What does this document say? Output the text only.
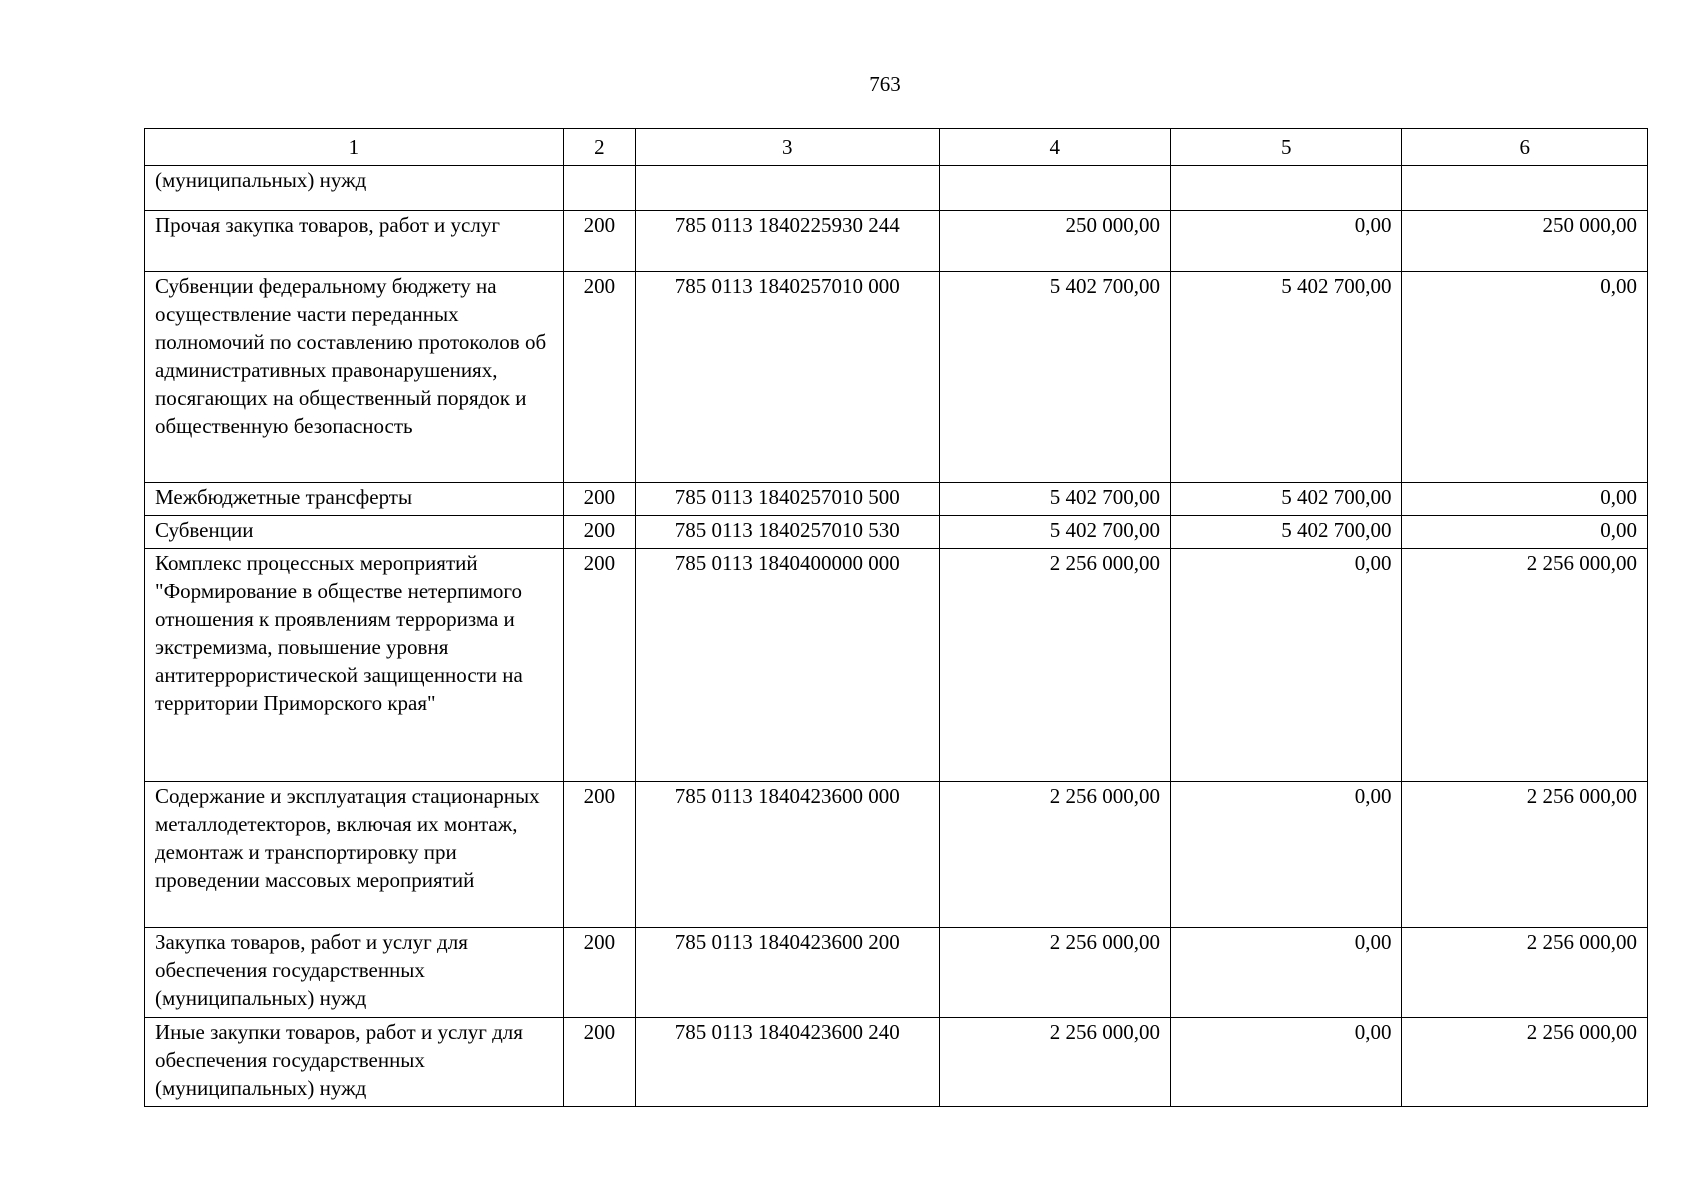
763
1	2	3	4	5	6
(муниципальных) нужд					
Прочая закупка товаров, работ и услуг	200	785 0113 1840225930 244	250 000,00	0,00	250 000,00
Субвенции федеральному бюджету на осуществление части переданных полномочий по составлению протоколов об административных правонарушениях, посягающих на общественный порядок и общественную безопасность	200	785 0113 1840257010 000	5 402 700,00	5 402 700,00	0,00
Межбюджетные трансферты	200	785 0113 1840257010 500	5 402 700,00	5 402 700,00	0,00
Субвенции	200	785 0113 1840257010 530	5 402 700,00	5 402 700,00	0,00
Комплекс процессных мероприятий "Формирование в обществе нетерпимого отношения к проявлениям терроризма и экстремизма, повышение уровня антитеррористической защищенности на территории Приморского края"	200	785 0113 1840400000 000	2 256 000,00	0,00	2 256 000,00
Содержание и эксплуатация стационарных металлодетекторов, включая их монтаж, демонтаж и транспортировку при проведении массовых мероприятий	200	785 0113 1840423600 000	2 256 000,00	0,00	2 256 000,00
Закупка товаров, работ и услуг для обеспечения государственных (муниципальных) нужд	200	785 0113 1840423600 200	2 256 000,00	0,00	2 256 000,00
Иные закупки товаров, работ и услуг для обеспечения государственных (муниципальных) нужд	200	785 0113 1840423600 240	2 256 000,00	0,00	2 256 000,00
